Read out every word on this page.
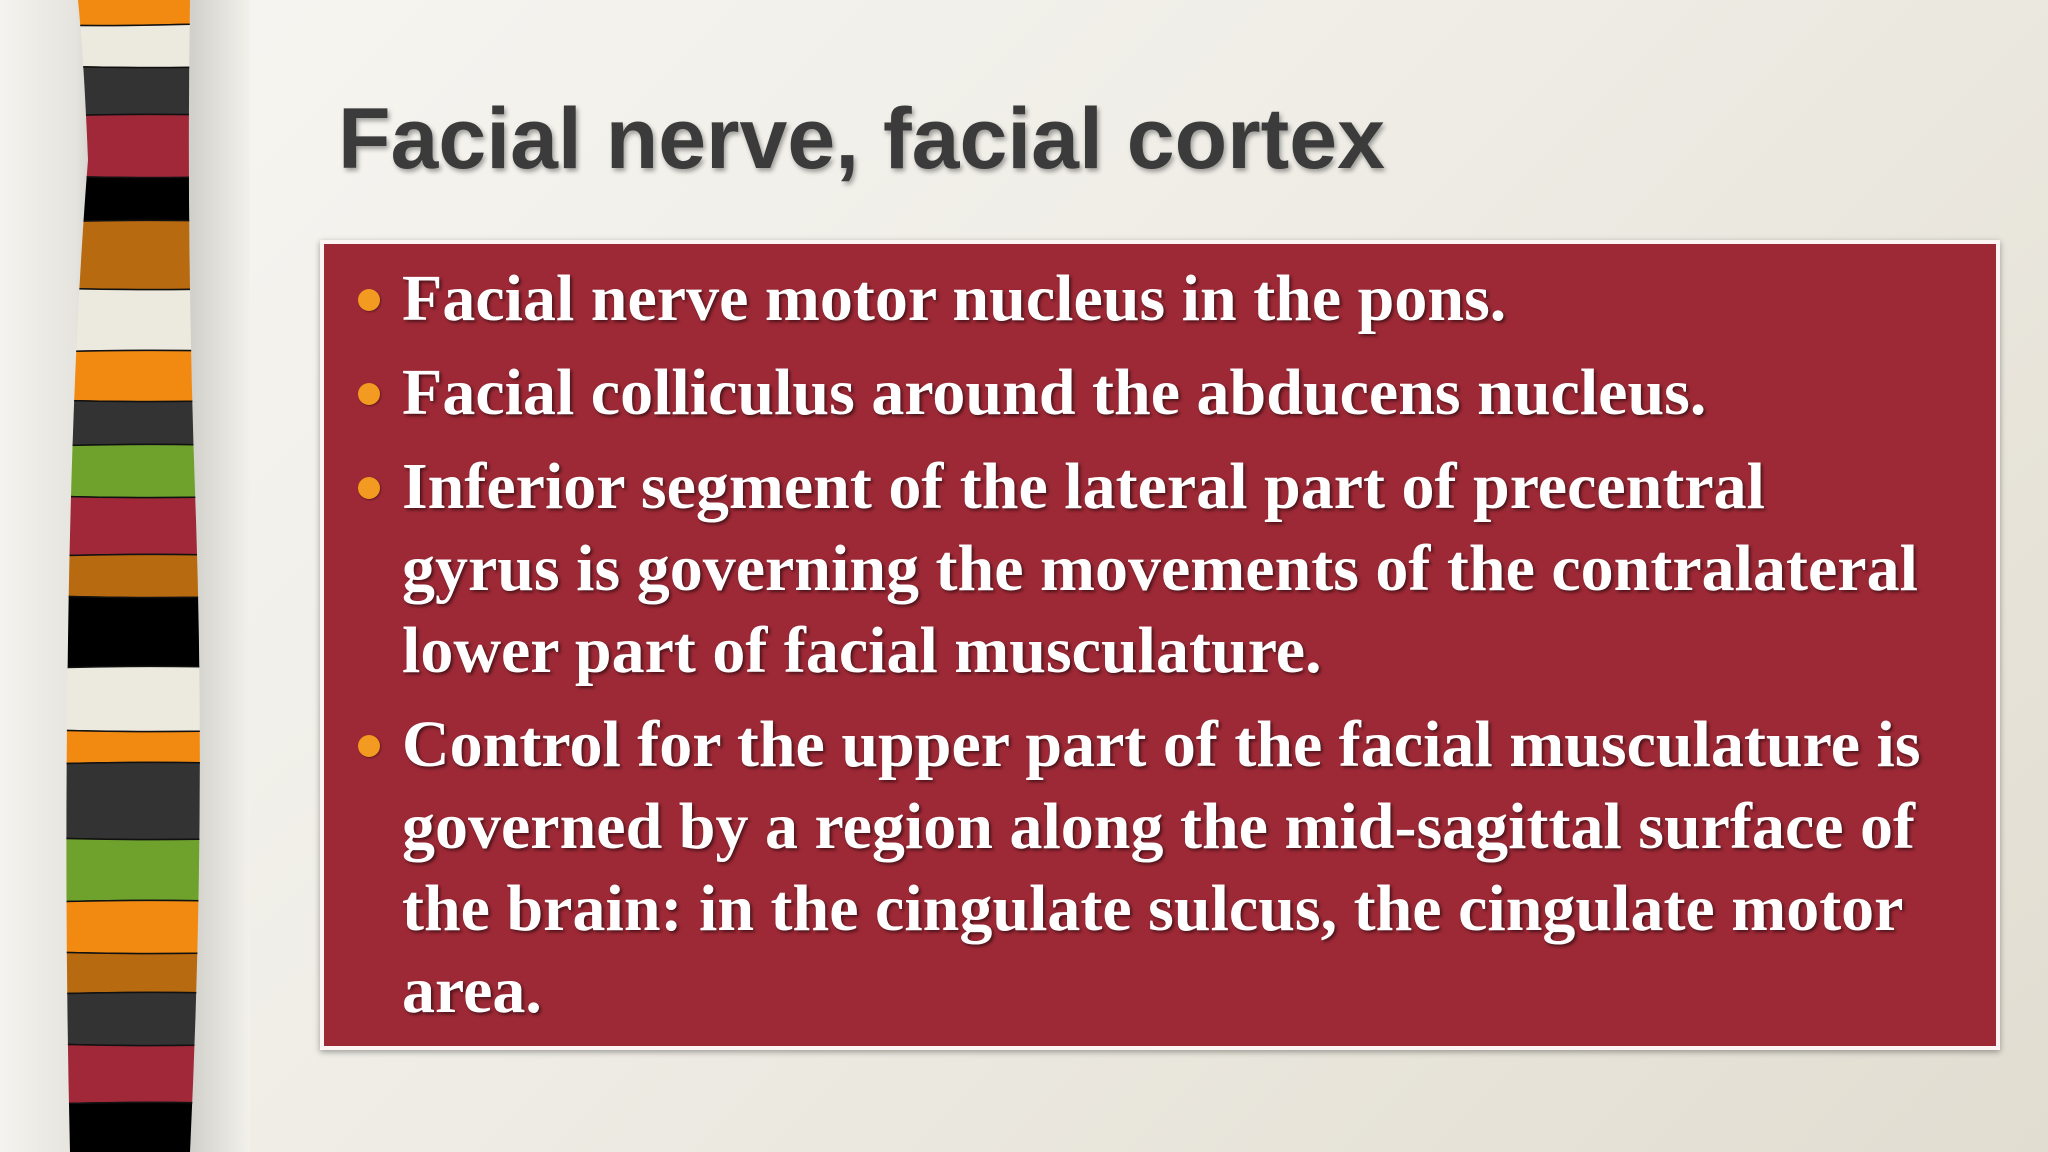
Facial nerve, facial cortex
Facial nerve motor nucleus in the pons.
Facial colliculus around the abducens nucleus.
Inferior segment of the lateral part of precentral gyrus is governing the movements of the contralateral lower part of facial musculature.
Control for the upper part of the facial musculature is governed by a region along the mid-sagittal surface of the brain: in the cingulate sulcus, the cingulate motor area.
